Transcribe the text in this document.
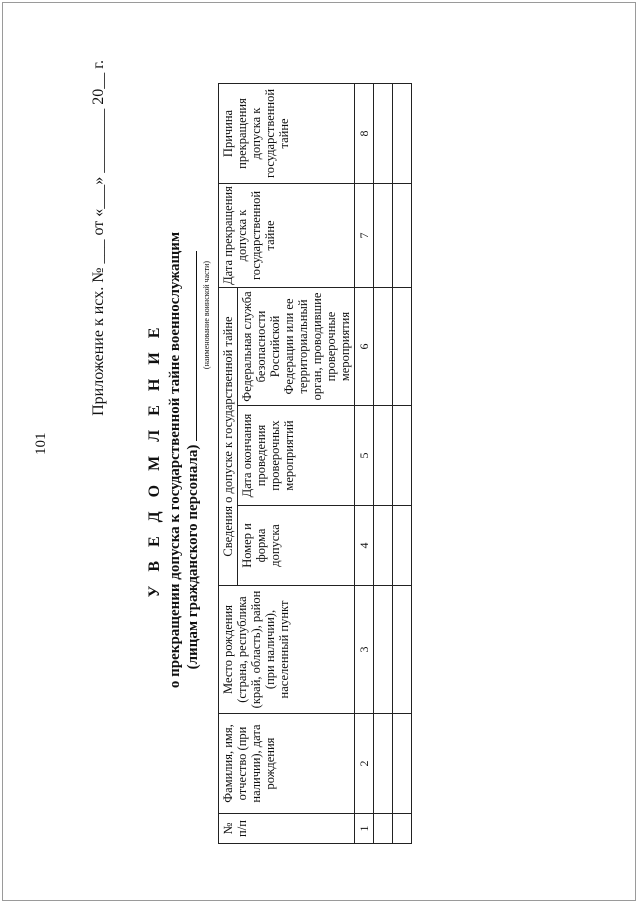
101
Приложение к исх. № ___ от «___» ________ 20__ г.
У В Е Д О М Л Е Н И Е о прекращении допуска к государственной тайне военнослужащим (лицам гражданского персонала)
(наименование воинской части)
№ п/п	Фамилия, имя, отчество (при наличии), дата рождения	Место рождения (страна, республика (край, область), район (при наличии), населенный пункт	Сведения о допуске к государственной тайне			Дата прекращения допуска к государственной тайне	Причина прекращения допуска к государственной тайне
			Номер и форма допуска	Дата окончания проведения проверочных мероприятий	Федеральная служба безопасности Российской Федерации или ее территориальный орган, проводившие проверочные мероприятия		
1	2	3	4	5	6	7	8
